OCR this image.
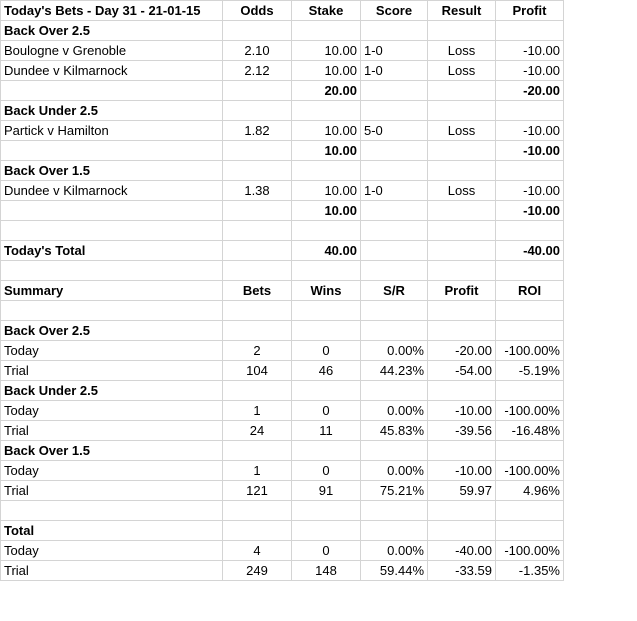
Today's Bets - Day 31 - 21-01-15	Odds	Stake	Score	Result	Profit
Back Over 2.5					
Boulogne v Grenoble	2.10	10.00	1-0	Loss	-10.00
Dundee v Kilmarnock	2.12	10.00	1-0	Loss	-10.00
		20.00			-20.00
Back Under 2.5					
Partick v Hamilton	1.82	10.00	5-0	Loss	-10.00
		10.00			-10.00
Back Over 1.5					
Dundee v Kilmarnock	1.38	10.00	1-0	Loss	-10.00
		10.00			-10.00

Today's Total		40.00			-40.00

Summary	Bets	Wins	S/R	Profit	ROI

Back Over 2.5					
Today	2	0	0.00%	-20.00	-100.00%
Trial	104	46	44.23%	-54.00	-5.19%
Back Under 2.5					
Today	1	0	0.00%	-10.00	-100.00%
Trial	24	11	45.83%	-39.56	-16.48%
Back Over 1.5					
Today	1	0	0.00%	-10.00	-100.00%
Trial	121	91	75.21%	59.97	4.96%

Total					
Today	4	0	0.00%	-40.00	-100.00%
Trial	249	148	59.44%	-33.59	-1.35%
